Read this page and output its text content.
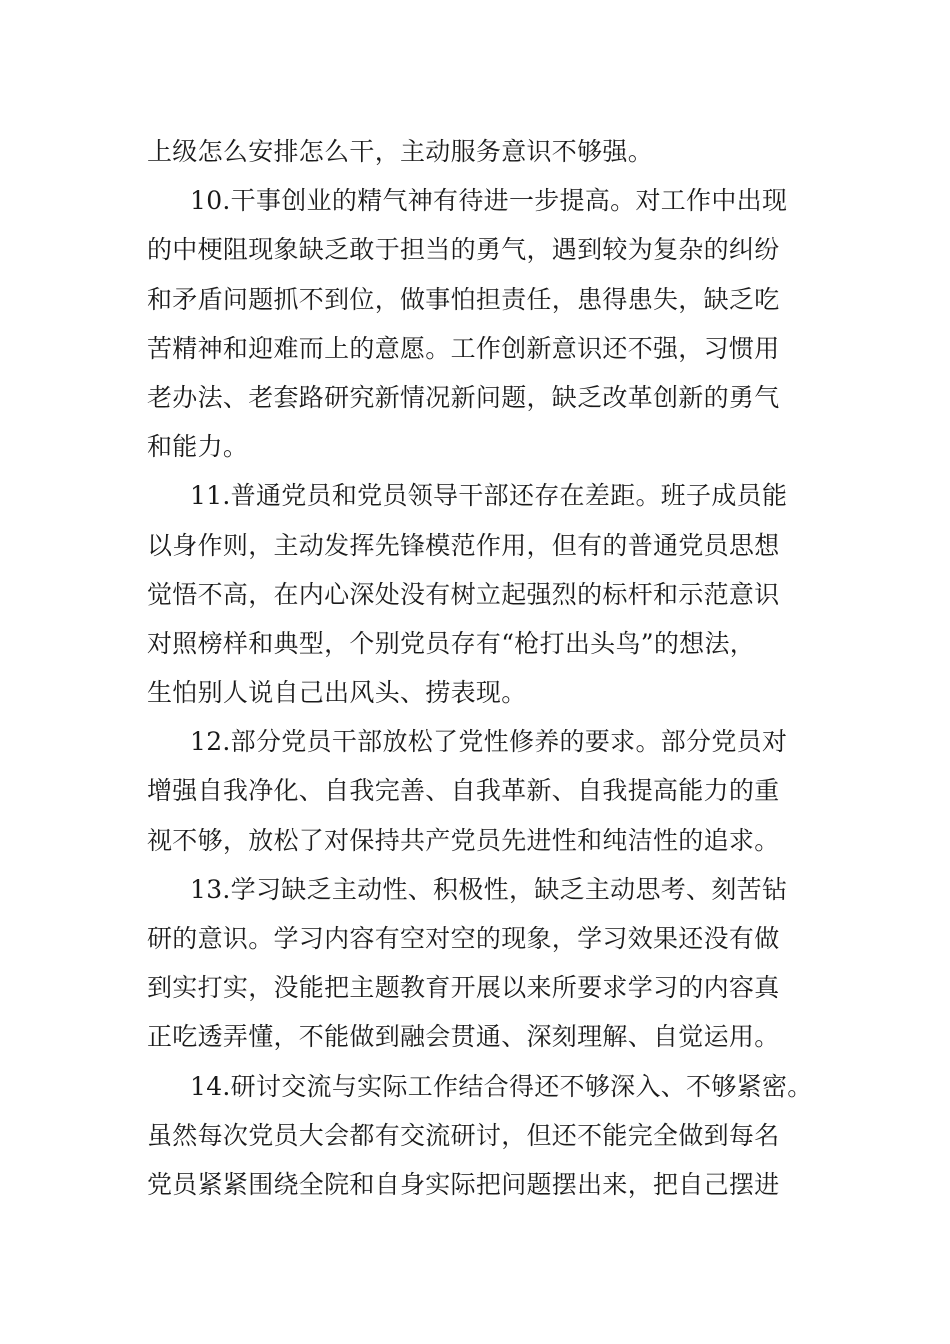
上级怎么安排怎么干，主动服务意识不够强。
10.干事创业的精气神有待进一步提高。对工作中出现
的中梗阻现象缺乏敢于担当的勇气，遇到较为复杂的纠纷
和矛盾问题抓不到位，做事怕担责任，患得患失，缺乏吃
苦精神和迎难而上的意愿。工作创新意识还不强，习惯用
老办法、老套路研究新情况新问题，缺乏改革创新的勇气
和能力。
11.普通党员和党员领导干部还存在差距。班子成员能
以身作则，主动发挥先锋模范作用，但有的普通党员思想
觉悟不高，在内心深处没有树立起强烈的标杆和示范意识
对照榜样和典型，个别党员存有“枪打出头鸟”的想法，
生怕别人说自己出风头、捞表现。
12.部分党员干部放松了党性修养的要求。部分党员对
增强自我净化、自我完善、自我革新、自我提高能力的重
视不够，放松了对保持共产党员先进性和纯洁性的追求。
13.学习缺乏主动性、积极性，缺乏主动思考、刻苦钻
研的意识。学习内容有空对空的现象，学习效果还没有做
到实打实，没能把主题教育开展以来所要求学习的内容真
正吃透弄懂，不能做到融会贯通、深刻理解、自觉运用。
14.研讨交流与实际工作结合得还不够深入、不够紧密。
虽然每次党员大会都有交流研讨，但还不能完全做到每名
党员紧紧围绕全院和自身实际把问题摆出来，把自己摆进
